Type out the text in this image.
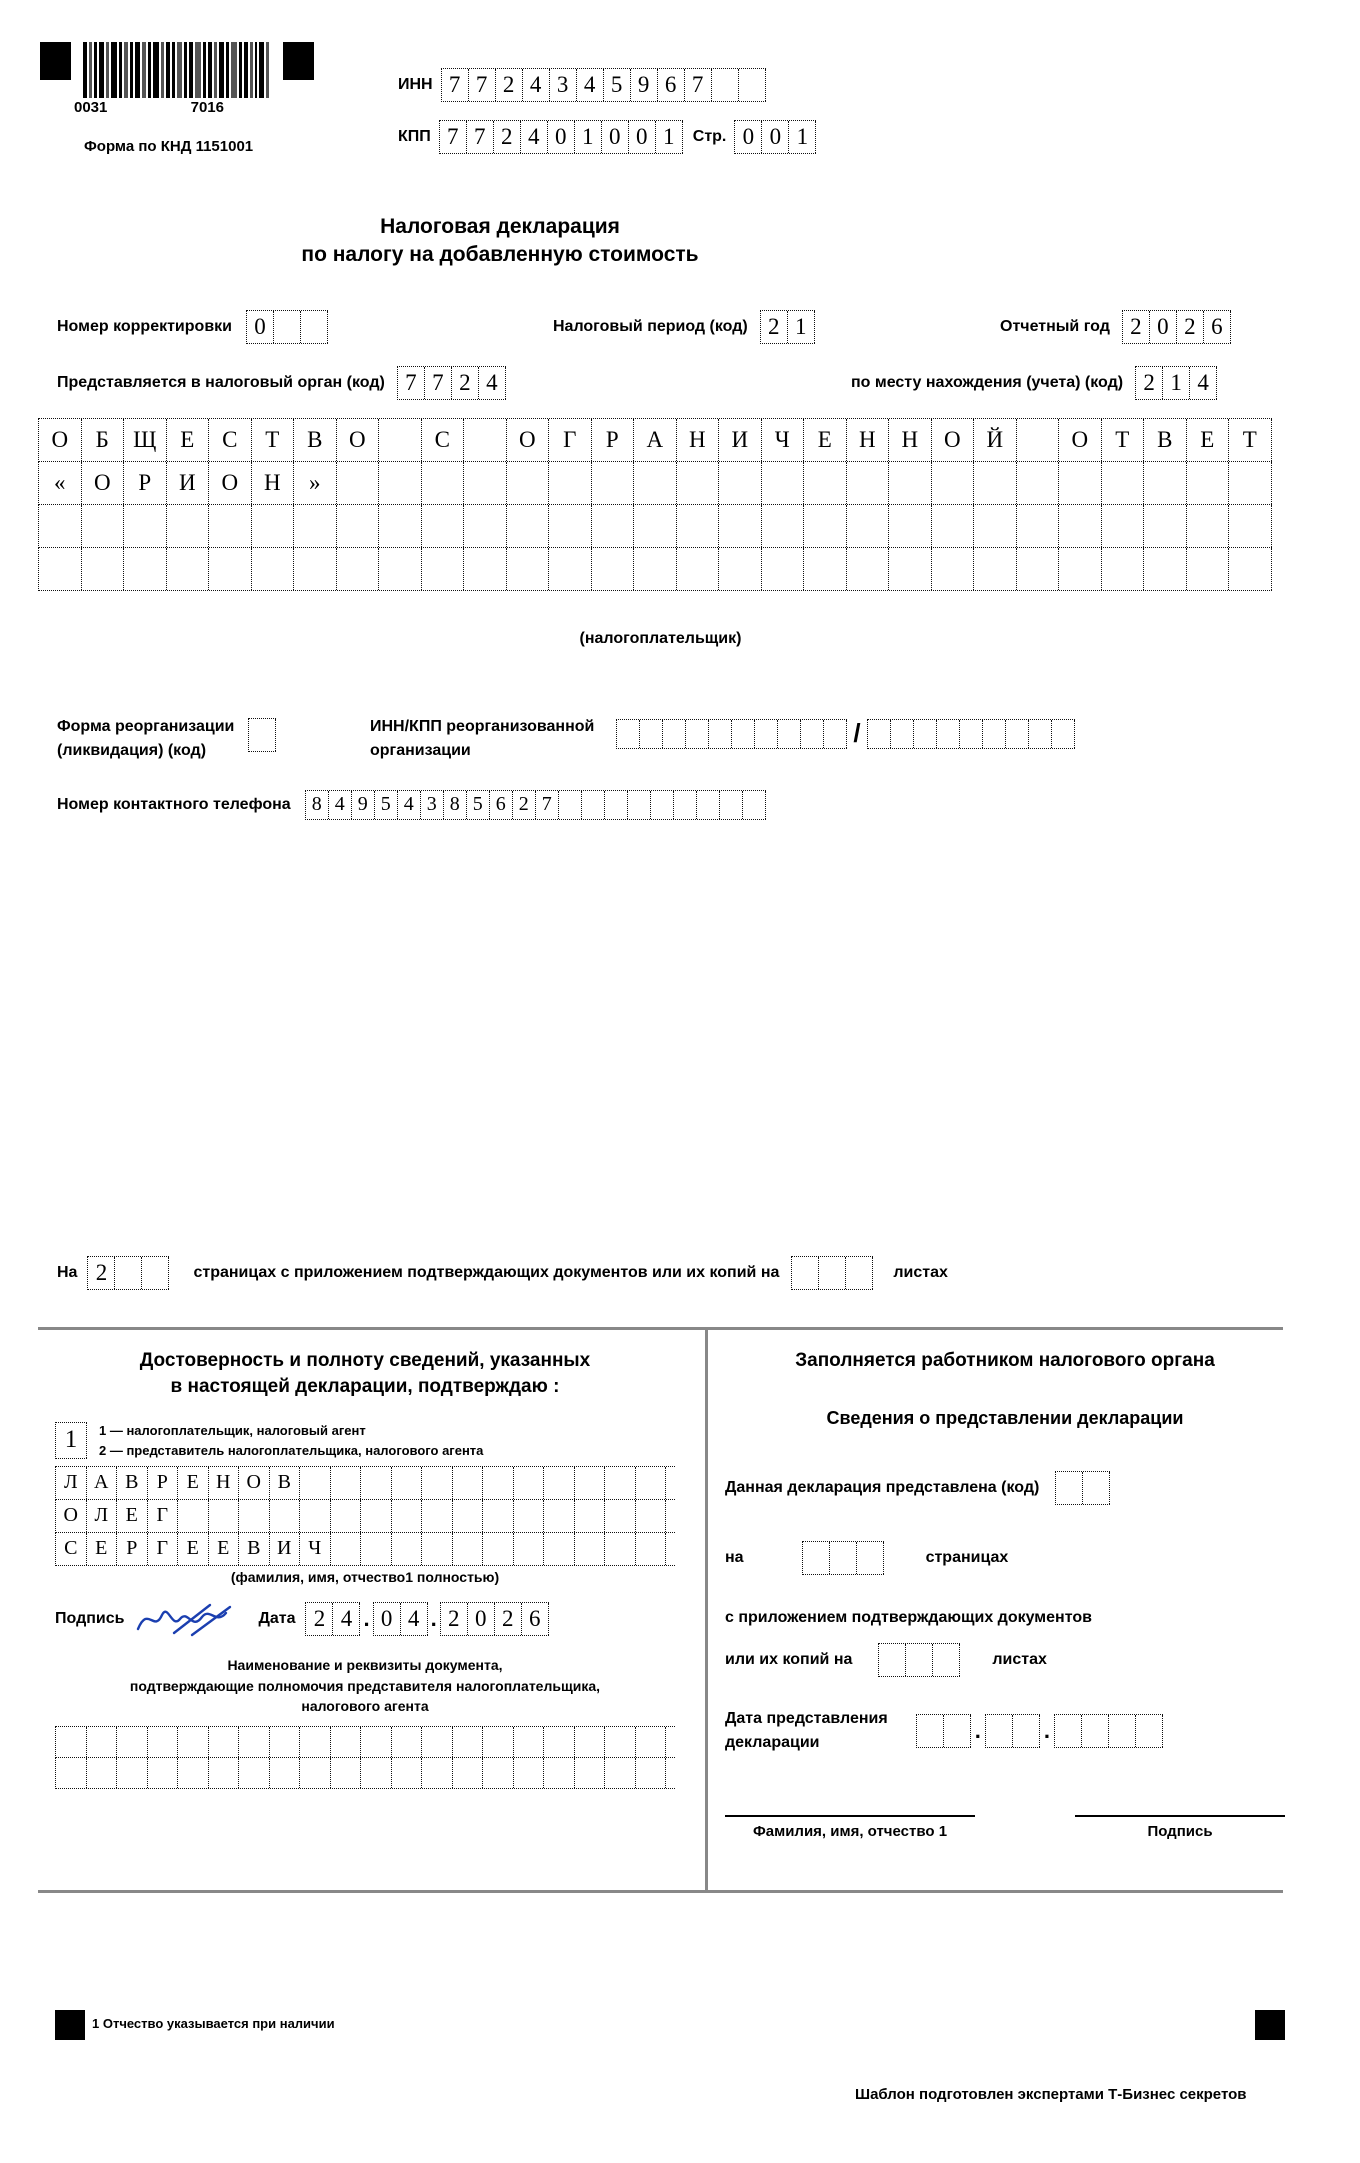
0031	7016
Форма по КНД 1151001
ИНН 7 7 2 4 3 4 5 9 6 7
КПП 7 7 2 4 0 1 0 0 1	Стр. 0 0 1
Налоговая декларация
по налогу на добавленную стоимость
Номер корректировки 0	Налоговый период (код) 2 1	Отчетный год 2 0 2 6
Представляется в налоговый орган (код) 7 7 2 4	по месту нахождения (учета) (код) 2 1 4
О	Б	Щ	Е	С	Т	В	О	С	О	Г	Р	А	Н	И	Ч	Е	Н	Н	О	Й	О	Т	В	Е	Т
«	О	Р	И	О	Н	»
(налогоплательщик)
Форма реорганизации
(ликвидация) (код)
ИНН/КПП реорганизованной
организации
/
Номер контактного телефона	8 4 9 5 4 3 8 5 6 2 7
На 2	страницах с приложением подтверждающих документов или их копий на	листах
Достоверность и полноту сведений, указанных
в настоящей декларации, подтверждаю :
1	1 — налогоплательщик, налоговый агент
2 — представитель налогоплательщика, налогового агента
Л А В Р Е Н О В
О Л Е Г
С Е Р Г Е Е В И Ч
(фамилия, имя, отчество1 полностью)
Подпись	Дата 2 4 . 0 4 . 2 0 2 6
Наименование и реквизиты документа,
подтверждающие полномочия представителя налогоплательщика,
налогового агента
Заполняется работником налогового органа
Сведения о представлении декларации
Данная декларация представлена (код)
на	страницах
с приложением подтверждающих документов
или их копий на	листах
Дата представления
декларации	.	.
Фамилия, имя, отчество 1	Подпись
1 Отчество указывается при наличии
Шаблон подготовлен экспертами Т-Бизнес секретов
